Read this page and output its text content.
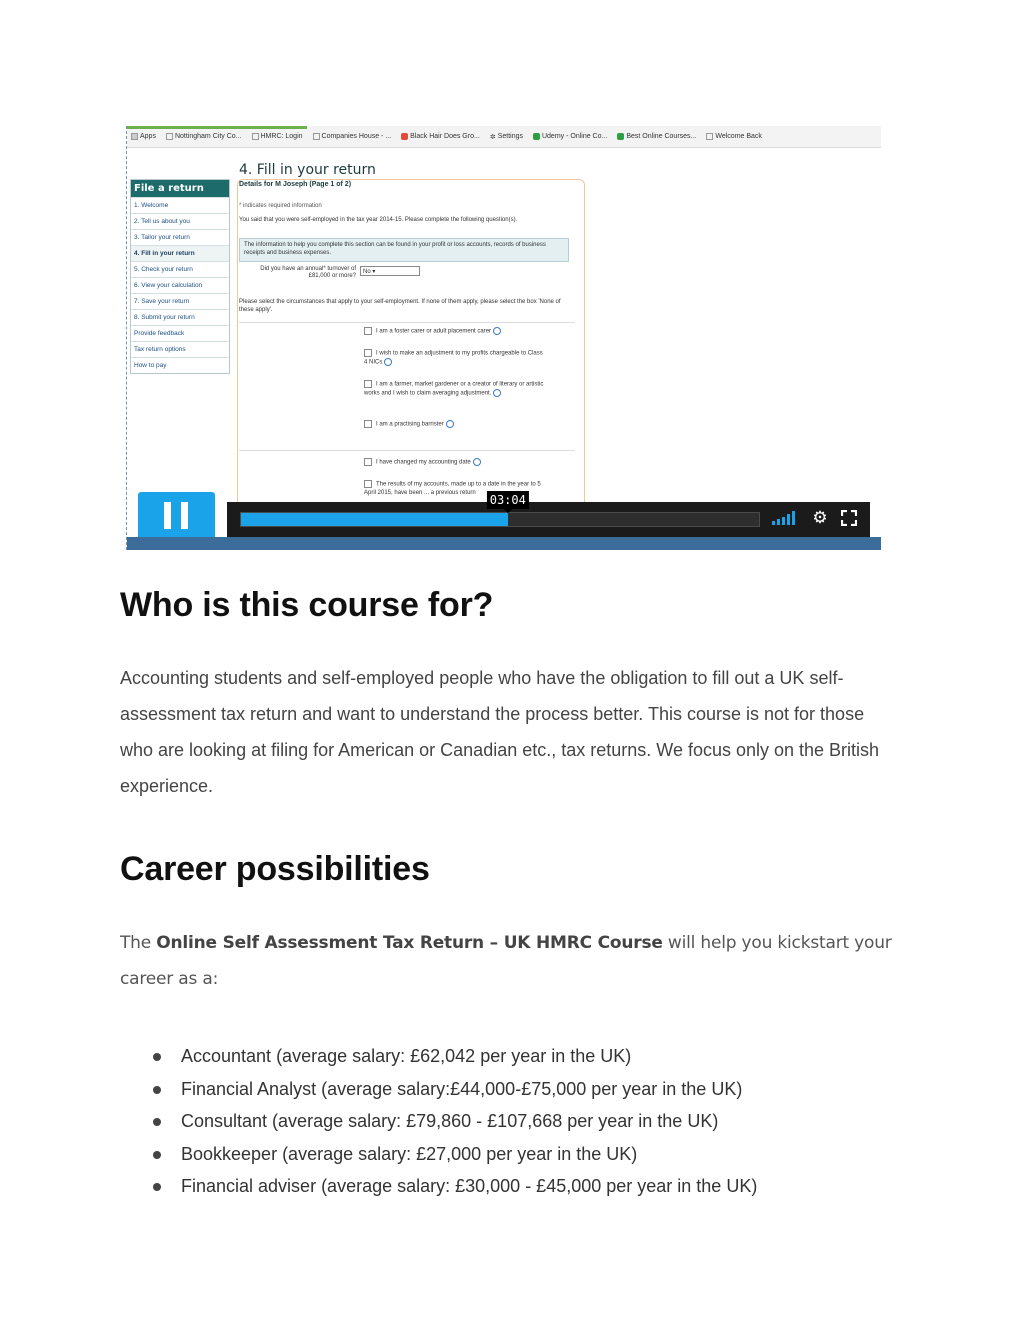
Apps	Nottingham City Co...	HMRC: Login	Companies House - ...	Black Hair Does Gro... ✲ Settings	Udemy - Online Co...	Best Online Courses...	Welcome Back
File a return
1. Welcome
2. Tell us about you
3. Tailor your return
4. Fill in your return
5. Check your return
6. View your calculation
7. Save your return
8. Submit your return
Provide feedback
Tax return options
How to pay
4. Fill in your return
Details for M Joseph (Page 1 of 2)
* indicates required information
You said that you were self-employed in the tax year 2014-15. Please complete the following question(s).
The information to help you complete this section can be found in your profit or loss accounts, records of business receipts and business expenses.
Did you have an annual* turnover of £81,000 or more?
No ▾
Please select the circumstances that apply to your self-employment. If none of them apply, please select the box 'None of these apply'.
I am a foster carer or adult placement carer
I wish to make an adjustment to my profits chargeable to Class 4 NICs
I am a farmer, market gardener or a creator of literary or artistic works and I wish to claim averaging adjustment.
I am a practising barrister
I have changed my accounting date
The results of my accounts, made up to a date in the year to 5 April 2015, have been ... a previous return
03:04
⚙
Who is this course for?

Accounting students and self-employed people who have the obligation to fill out a UK self-assessment tax return and want to understand the process better. This course is not for those who are looking at filing for American or Canadian etc., tax returns. We focus only on the British experience.

Career possibilities

The Online Self Assessment Tax Return – UK HMRC Course will help you kickstart your career as a:

Accountant (average salary: £62,042 per year in the UK)
Financial Analyst (average salary:£44,000-£75,000 per year in the UK)
Consultant (average salary: £79,860 - £107,668 per year in the UK)
Bookkeeper (average salary: £27,000 per year in the UK)
Financial adviser (average salary: £30,000 - £45,000 per year in the UK)
